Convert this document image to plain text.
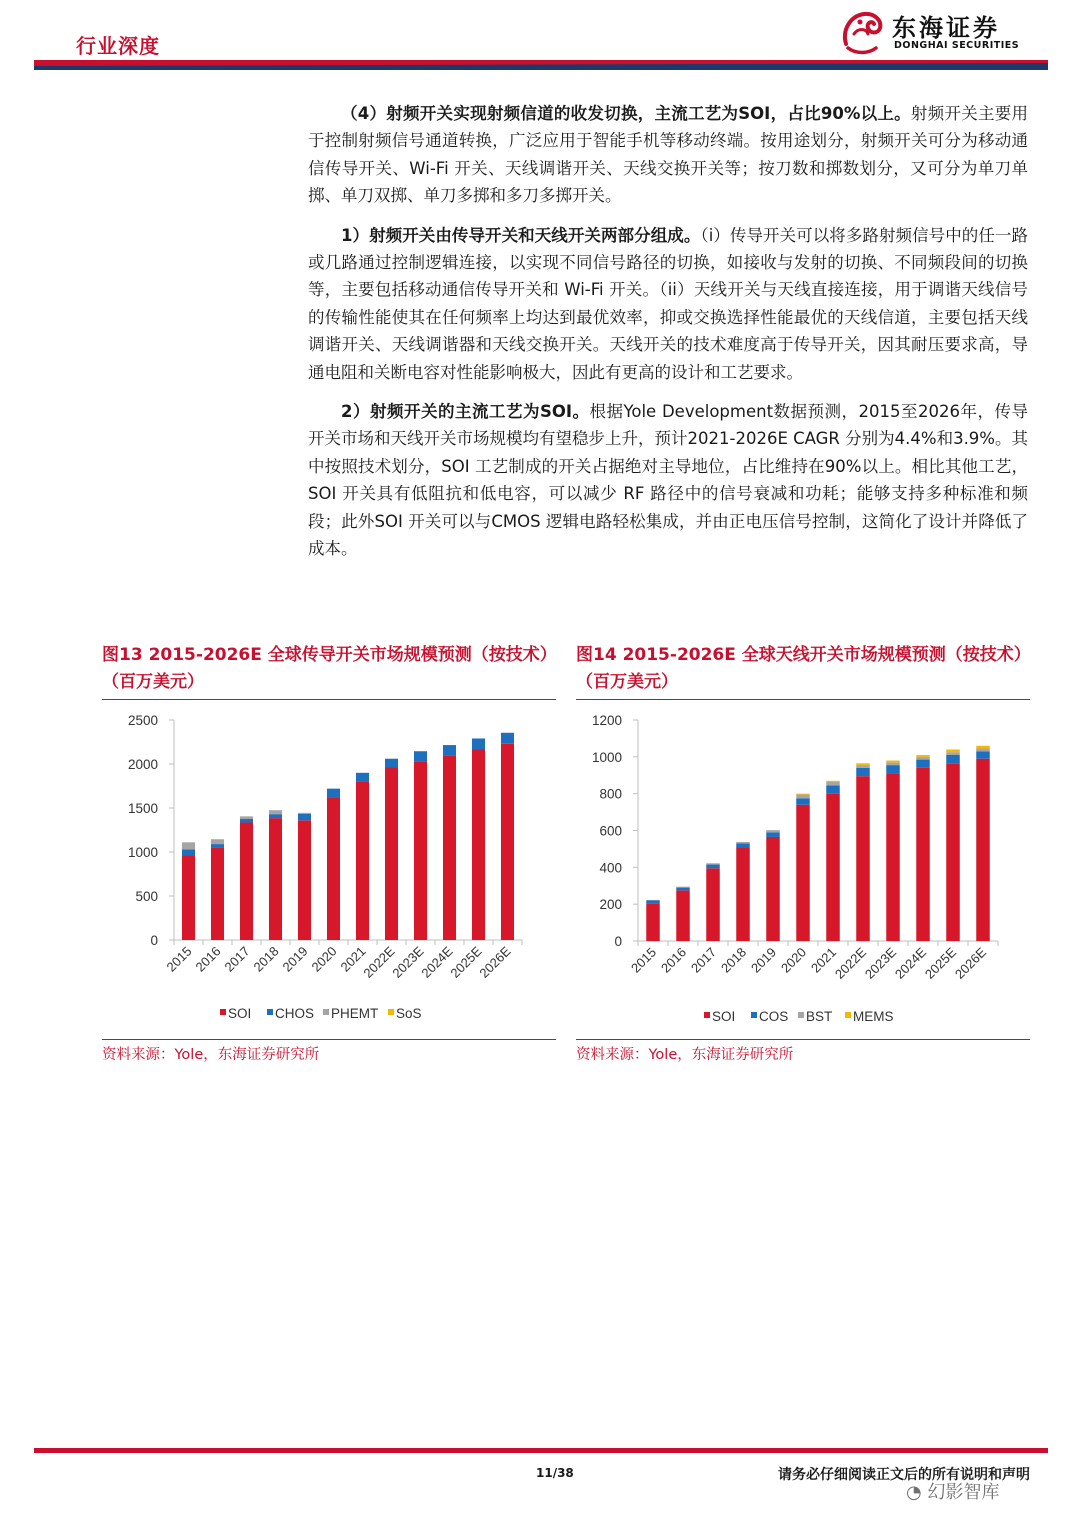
行业深度
东海证券
DONGHAI SECURITIES

（4）射频开关实现射频信道的收发切换，主流工艺为SOI，占比90%以上。射频开关主要用于控制射频信号通道转换，广泛应用于智能手机等移动终端。按用途划分，射频开关可分为移动通信传导开关、Wi-Fi 开关、天线调谐开关、天线交换开关等；按刀数和掷数划分，又可分为单刀单掷、单刀双掷、单刀多掷和多刀多掷开关。

1）射频开关由传导开关和天线开关两部分组成。（i）传导开关可以将多路射频信号中的任一路或几路通过控制逻辑连接，以实现不同信号路径的切换，如接收与发射的切换、不同频段间的切换等，主要包括移动通信传导开关和 Wi-Fi 开关。（ii）天线开关与天线直接连接，用于调谐天线信号的传输性能使其在任何频率上均达到最优效率，抑或交换选择性能最优的天线信道，主要包括天线调谐开关、天线调谐器和天线交换开关。天线开关的技术难度高于传导开关，因其耐压要求高，导通电阻和关断电容对性能影响极大，因此有更高的设计和工艺要求。

2）射频开关的主流工艺为SOI。根据Yole Development数据预测，2015至2026年，传导开关市场和天线开关市场规模均有望稳步上升，预计2021-2026E CAGR 分别为4.4%和3.9%。其中按照技术划分，SOI 工艺制成的开关占据绝对主导地位，占比维持在90%以上。相比其他工艺，SOI 开关具有低阻抗和低电容，可以减少 RF 路径中的信号衰减和功耗；能够支持多种标准和频段；此外SOI 开关可以与CMOS 逻辑电路轻松集成，并由正电压信号控制，这简化了设计并降低了成本。

图13 2015-2026E 全球传导开关市场规模预测（按技术）（百万美元）
0
500
1000
1500
2000
2500
2015
2016
2017
2018
2019
2020
2021
2022E
2023E
2024E
2025E
2026E
SOI CHOS PHEMT SoS
资料来源：Yole，东海证券研究所
图14 2015-2026E 全球天线开关市场规模预测（按技术）（百万美元）
0
200
400
600
800
1000
1200
2015
2016
2017
2018
2019
2020
2021
2022E
2023E
2024E
2025E
2026E
SOI COS BST MEMS
资料来源：Yole，东海证券研究所
11/38	请务必仔细阅读正文后的所有说明和声明
◔ 幻影智库
